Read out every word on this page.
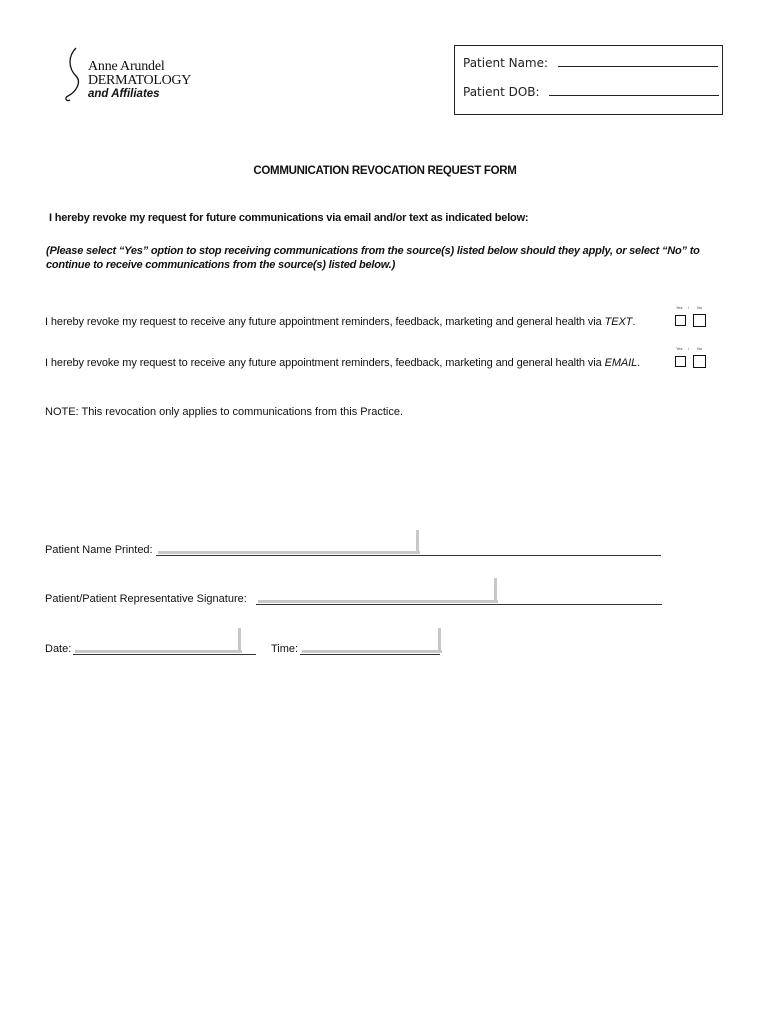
Anne Arundel
DERMATOLOGY
and Affiliates
Patient Name:
Patient DOB:
COMMUNICATION REVOCATION REQUEST FORM
I hereby revoke my request for future communications via email and/or text as indicated below:
(Please select “Yes” option to stop receiving communications from the source(s) listed below should they apply, or select “No” to continue to receive communications from the source(s) listed below.)
I hereby revoke my request to receive any future appointment reminders, feedback, marketing and general health via TEXT.
Yes / No
I hereby revoke my request to receive any future appointment reminders, feedback, marketing and general health via EMAIL.
Yes / No
NOTE: This revocation only applies to communications from this Practice.
Patient Name Printed:
Patient/Patient Representative Signature:
Date:	Time:
